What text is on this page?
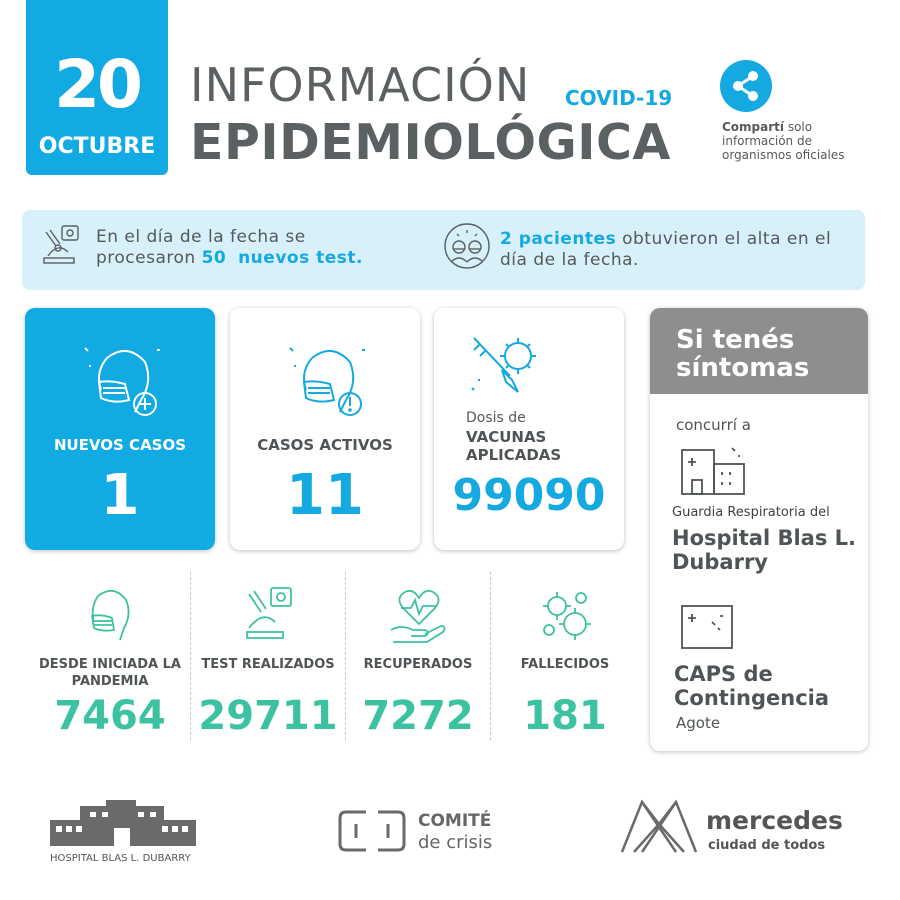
20
OCTUBRE
INFORMACIÓN COVID-19
EPIDEMIOLÓGICA	Compartí solo información de organismos oficiales
En el día de la fecha se procesaron 50 nuevos test.
2 pacientes obtuvieron el alta en el día de la fecha.
NUEVOS CASOS
1
CASOS ACTIVOS
11
Dosis de
VACUNAS APLICADAS
99090
DESDE INICIADA LA PANDEMIA
7464
TEST REALIZADOS
29711
RECUPERADOS
7272
FALLECIDOS
181
Si tenés síntomas
concurrí a
Guardia Respiratoria del
Hospital Blas L. Dubarry
CAPS de Contingencia
Agote
HOSPITAL BLAS L. DUBARRY
COMITÉ
de crisis
mercedes
ciudad de todos
